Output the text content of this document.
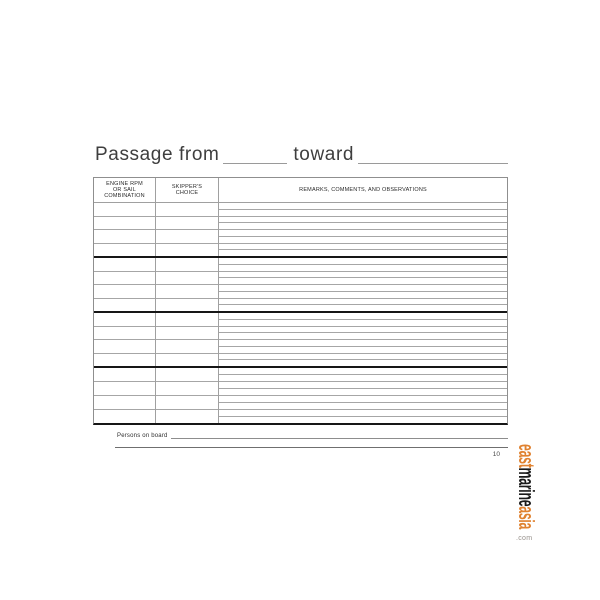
Passage from	toward
ENGINE RPM
OR SAIL
COMBINATION
SKIPPER'S
CHOICE	REMARKS, COMMENTS, AND OBSERVATIONS
Persons on board
10 eastmarineasia
.com
